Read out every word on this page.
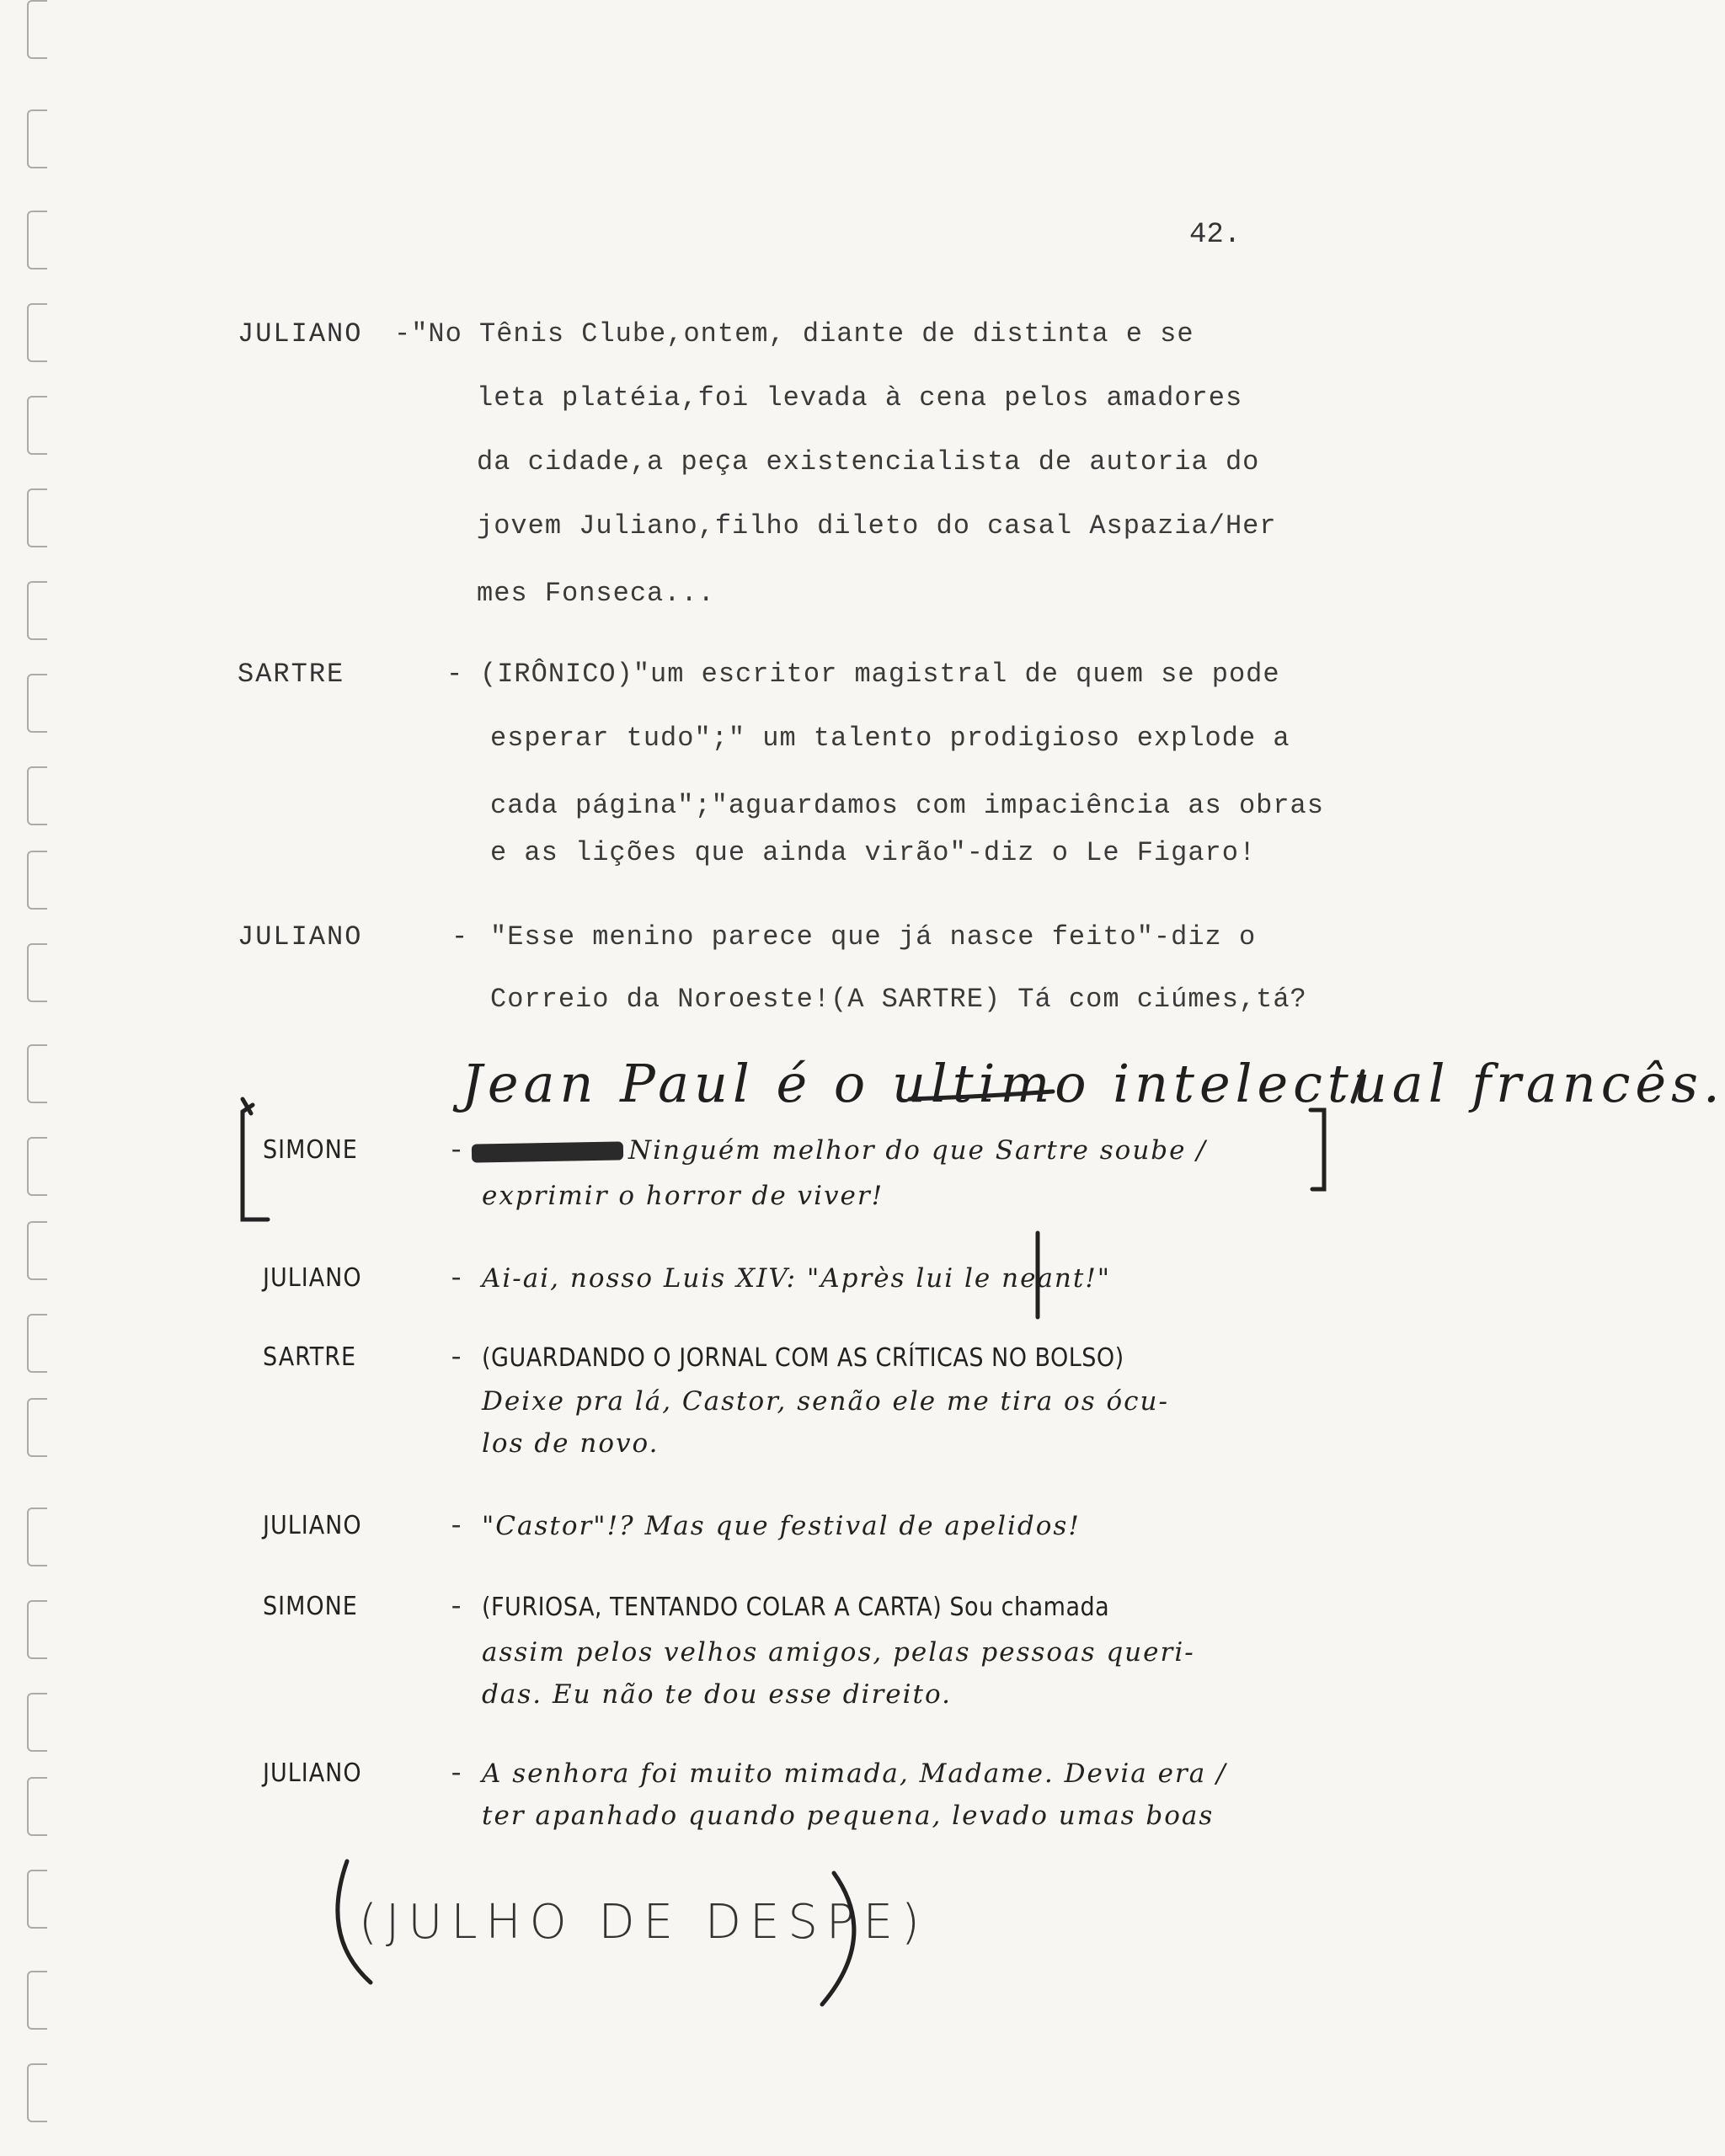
42.
JULIANO -"No Tênis Clube,ontem, diante de distinta e se
leta platéia,foi levada à cena pelos amadores
da cidade,a peça existencialista de autoria do
jovem Juliano,filho dileto do casal Aspazia/Her
mes Fonseca...
SARTRE	- (IRÔNICO)"um escritor magistral de quem se pode
esperar tudo";" um talento prodigioso explode a
cada página";"aguardamos com impaciência as obras
e as lições que ainda virão"-diz o Le Figaro!
JULIANO	- "Esse menino parece que já nasce feito"-diz o
Correio da Noroeste!(A SARTRE) Tá com ciúmes,tá?
Jean Paul é o ultimo intelectual francês.
SIMONE	-	Ninguém melhor do que Sartre soube /
exprimir o horror de viver!
JULIANO	- Ai-ai, nosso Luis XIV: "Après lui le neant!"
SARTRE	- (GUARDANDO O JORNAL COM AS CRÍTICAS NO BOLSO)
Deixe pra lá, Castor, senão ele me tira os ócu-
los de novo.
JULIANO	- "Castor"!? Mas que festival de apelidos!
SIMONE	- (FURIOSA, TENTANDO COLAR A CARTA) Sou chamada
assim pelos velhos amigos, pelas pessoas queri-
das. Eu não te dou esse direito.
JULIANO	- A senhora foi muito mimada, Madame. Devia era /
ter apanhado quando pequena, levado umas boas
(JULHO DE DESPE)
